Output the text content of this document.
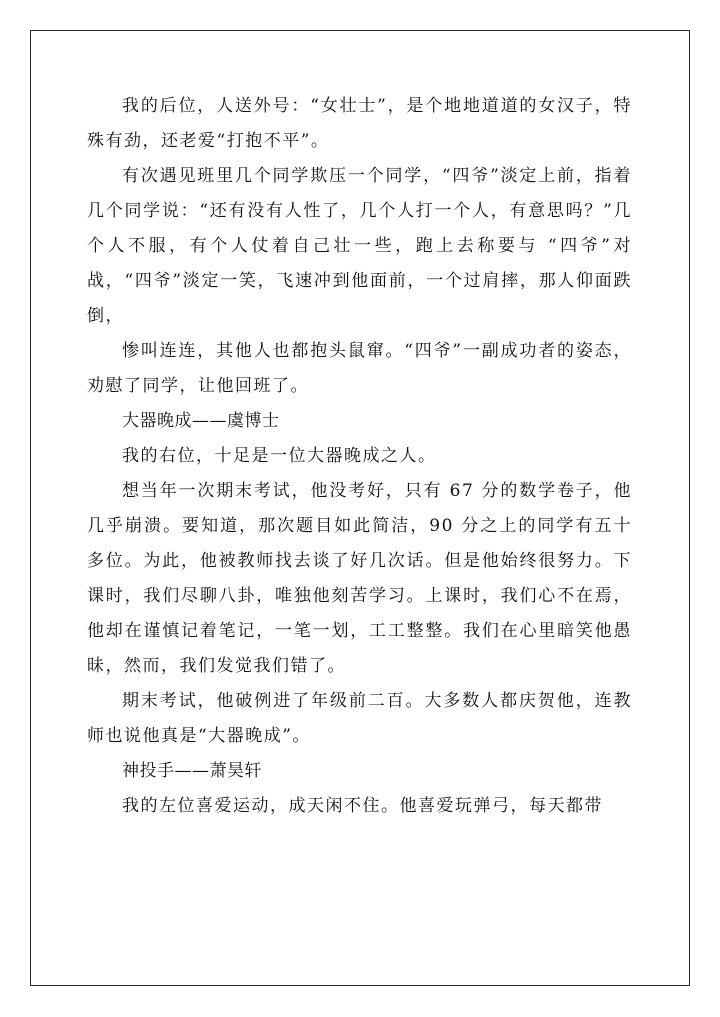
我的后位，人送外号：“女壮士”，是个地地道道的女汉子，特殊有劲，还老爱“打抱不平”。

有次遇见班里几个同学欺压一个同学，“四爷”淡定上前，指着几个同学说：“还有没有人性了，几个人打一个人，有意思吗？”几个人不服，有个人仗着自己壮一些，跑上去称要与 “四爷”对战，“四爷”淡定一笑，飞速冲到他面前，一个过肩摔，那人仰面跌倒，

惨叫连连，其他人也都抱头鼠窜。“四爷”一副成功者的姿态，劝慰了同学，让他回班了。

大器晚成——虞博士

我的右位，十足是一位大器晚成之人。

想当年一次期末考试，他没考好，只有 67 分的数学卷子，他几乎崩溃。要知道，那次题目如此简洁，90 分之上的同学有五十多位。为此，他被教师找去谈了好几次话。但是他始终很努力。下课时，我们尽聊八卦，唯独他刻苦学习。上课时，我们心不在焉，他却在谨慎记着笔记，一笔一划，工工整整。我们在心里暗笑他愚昧，然而，我们发觉我们错了。

期末考试，他破例进了年级前二百。大多数人都庆贺他，连教师也说他真是“大器晚成”。

神投手——萧昊轩

我的左位喜爱运动，成天闲不住。他喜爱玩弹弓，每天都带
